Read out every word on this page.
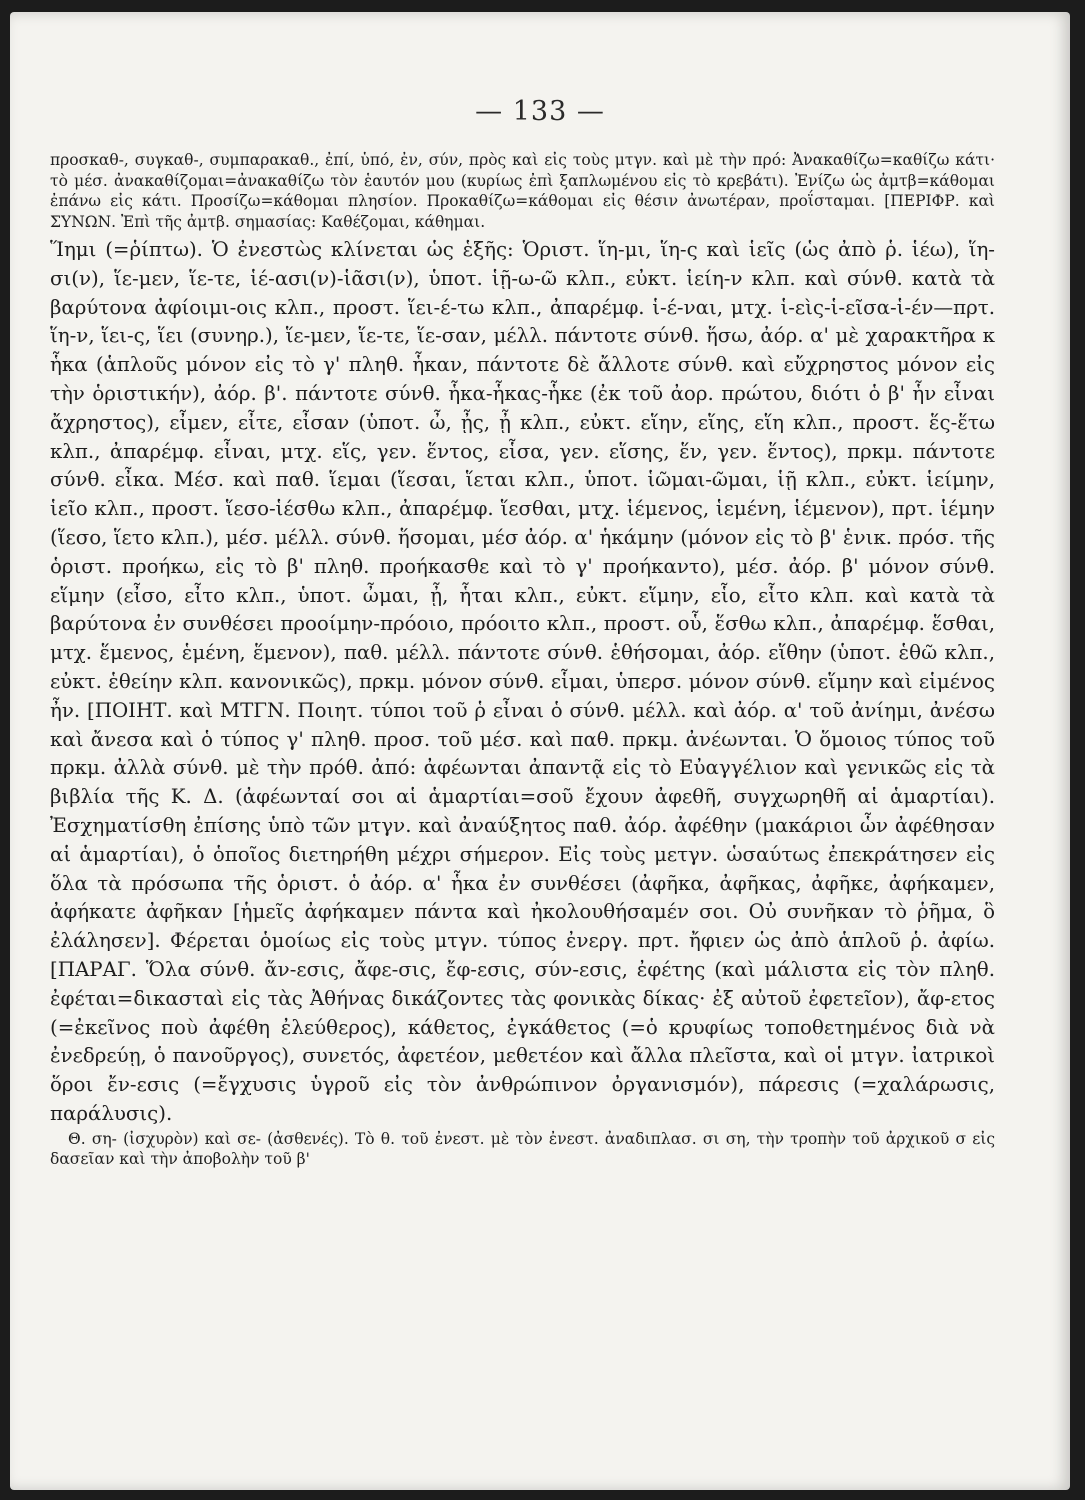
— 133 —

προσκαθ-, συγκαθ-, συμπαρακαθ., ἐπί, ὑπό, ἐν, σύν, πρὸς καὶ εἰς τοὺς μτγν. καὶ μὲ τὴν πρό: Ἀνακαθίζω=καθίζω κάτι· τὸ μέσ. ἀνακαθίζομαι=ἀνακαθίζω τὸν ἑαυτόν μου (κυρίως ἐπὶ ξαπλωμένου εἰς τὸ κρεβάτι). Ἐνίζω ὡς ἀμτβ=κάθομαι ἐπάνω εἰς κάτι. Προσίζω=κάθομαι πλησίον. Προκαθίζω=κάθομαι εἰς θέσιν ἀνωτέραν, προΐσταμαι. [ΠΕΡΙΦΡ. καὶ ΣΥΝΩΝ. Ἐπὶ τῆς ἀμτβ. σημασίας: Καθέζομαι, κάθημαι.

Ἵημι (=ῥίπτω). Ὁ ἐνεστὼς κλίνεται ὡς ἑξῆς: Ὁριστ. ἵη-μι, ἵη-ς καὶ ἱεῖς (ὡς ἀπὸ ῥ. ἱέω), ἵη-σι(ν), ἵε-μεν, ἵε-τε, ἱέ-ασι(ν)-ἱᾶσι(ν), ὑποτ. ἱῇ-ω-ῶ κλπ., εὐκτ. ἱείη-ν κλπ. καὶ σύνθ. κατὰ τὰ βαρύτονα ἀφίοιμι-οις κλπ., προστ. ἵει-έ-τω κλπ., ἀπαρέμφ. ἱ-έ-ναι, μτχ. ἱ-εὶς-ἱ-εῖσα-ἱ-έν—πρτ. ἵη-ν, ἵει-ς, ἵει (συνηρ.), ἵε-μεν, ἵε-τε, ἵε-σαν, μέλλ. πάντοτε σύνθ. ἥσω, ἀόρ. α' μὲ χαρακτῆρα κ ἧκα (ἁπλοῦς μόνον εἰς τὸ γ' πληθ. ἧκαν, πάντοτε δὲ ἄλλοτε σύνθ. καὶ εὔχρηστος μόνον εἰς τὴν ὁριστικήν), ἀόρ. β'. πάντοτε σύνθ. ἧκα-ἧκας-ἧκε (ἐκ τοῦ ἀορ. πρώτου, διότι ὁ β' ἧν εἶναι ἄχρηστος), εἶμεν, εἶτε, εἶσαν (ὑποτ. ὦ, ᾖς, ᾖ κλπ., εὐκτ. εἵην, εἵης, εἵη κλπ., προστ. ἕς-ἕτω κλπ., ἀπαρέμφ. εἶναι, μτχ. εἵς, γεν. ἕντος, εἷσα, γεν. εἵσης, ἕν, γεν. ἕντος), πρκμ. πάντοτε σύνθ. εἶκα. Μέσ. καὶ παθ. ἵεμαι (ἵεσαι, ἵεται κλπ., ὑποτ. ἱῶμαι-ῶμαι, ἱῇ κλπ., εὐκτ. ἱείμην, ἱεῖο κλπ., προστ. ἵεσο-ἱέσθω κλπ., ἀπαρέμφ. ἵεσθαι, μτχ. ἱέμενος, ἱεμένη, ἱέμενον), πρτ. ἱέμην (ἵεσο, ἵετο κλπ.), μέσ. μέλλ. σύνθ. ἥσομαι, μέσ ἀόρ. α' ἡκάμην (μόνον εἰς τὸ β' ἑνικ. πρόσ. τῆς ὁριστ. προήκω, εἰς τὸ β' πληθ. προήκασθε καὶ τὸ γ' προήκαντο), μέσ. ἀόρ. β' μόνον σύνθ. εἵμην (εἶσο, εἶτο κλπ., ὑποτ. ὦμαι, ᾖ, ἧται κλπ., εὐκτ. εἵμην, εἷο, εἷτο κλπ. καὶ κατὰ τὰ βαρύτονα ἐν συνθέσει προοίμην-πρόοιο, πρόοιτο κλπ., προστ. οὗ, ἕσθω κλπ., ἀπαρέμφ. ἕσθαι, μτχ. ἕμενος, ἑμένη, ἕμενον), παθ. μέλλ. πάντοτε σύνθ. ἑθήσομαι, ἀόρ. εἵθην (ὑποτ. ἑθῶ κλπ., εὐκτ. ἑθείην κλπ. κανονικῶς), πρκμ. μόνον σύνθ. εἷμαι, ὑπερσ. μόνον σύνθ. εἵμην καὶ εἱμένος ἦν. [ΠΟΙΗΤ. καὶ ΜΤΓΝ. Ποιητ. τύποι τοῦ ῥ εἶναι ὁ σύνθ. μέλλ. καὶ ἀόρ. α' τοῦ ἀνίημι, ἀνέσω καὶ ἄνεσα καὶ ὁ τύπος γ' πληθ. προσ. τοῦ μέσ. καὶ παθ. πρκμ. ἀνέωνται. Ὁ ὅμοιος τύπος τοῦ πρκμ. ἀλλὰ σύνθ. μὲ τὴν πρόθ. ἀπό: ἀφέωνται ἀπαντᾷ εἰς τὸ Εὐαγγέλιον καὶ γενικῶς εἰς τὰ βιβλία τῆς Κ. Δ. (ἀφέωνταί σοι αἱ ἁμαρτίαι=σοῦ ἔχουν ἀφεθῆ, συγχωρηθῆ αἱ ἁμαρτίαι). Ἐσχηματίσθη ἐπίσης ὑπὸ τῶν μτγν. καὶ ἀναύξητος παθ. ἀόρ. ἀφέθην (μακάριοι ὧν ἀφέθησαν αἱ ἁμαρτίαι), ὁ ὁποῖος διετηρήθη μέχρι σήμερον. Εἰς τοὺς μετγν. ὡσαύτως ἐπεκράτησεν εἰς ὅλα τὰ πρόσωπα τῆς ὁριστ. ὁ ἀόρ. α' ἧκα ἐν συνθέσει (ἀφῆκα, ἀφῆκας, ἀφῆκε, ἀφήκαμεν, ἀφήκατε ἀφῆκαν [ἡμεῖς ἀφήκαμεν πάντα καὶ ἠκολουθήσαμέν σοι. Οὐ συνῆκαν τὸ ῥῆμα, ὃ ἐλάλησεν]. Φέρεται ὁμοίως εἰς τοὺς μτγν. τύπος ἐνεργ. πρτ. ἤφιεν ὡς ἀπὸ ἁπλοῦ ῥ. ἀφίω. [ΠΑΡΑΓ. Ὅλα σύνθ. ἄν-εσις, ἄφε-σις, ἔφ-εσις, σύν-εσις, ἐφέτης (καὶ μάλιστα εἰς τὸν πληθ. ἐφέται=δικασταὶ εἰς τὰς Ἀθήνας δικάζοντες τὰς φονικὰς δίκας· ἐξ αὐτοῦ ἐφετεῖον), ἄφ-ετος (=ἐκεῖνος ποὺ ἀφέθη ἐλεύθερος), κάθετος, ἐγκάθετος (=ὁ κρυφίως τοποθετημένος διὰ νὰ ἐνεδρεύῃ, ὁ πανοῦργος), συνετός, ἀφετέον, μεθετέον καὶ ἄλλα πλεῖστα, καὶ οἱ μτγν. ἰατρικοὶ ὅροι ἔν-εσις (=ἔγχυσις ὑγροῦ εἰς τὸν ἀνθρώπινον ὀργανισμόν), πάρεσις (=χαλάρωσις, παράλυσις).

Θ. ση- (ἰσχυρὸν) καὶ σε- (ἀσθενές). Τὸ θ. τοῦ ἐνεστ. μὲ τὸν ἐνεστ. ἀναδιπλασ. σι ση, τὴν τροπὴν τοῦ ἀρχικοῦ σ εἰς δασεῖαν καὶ τὴν ἀποβολὴν τοῦ β'
